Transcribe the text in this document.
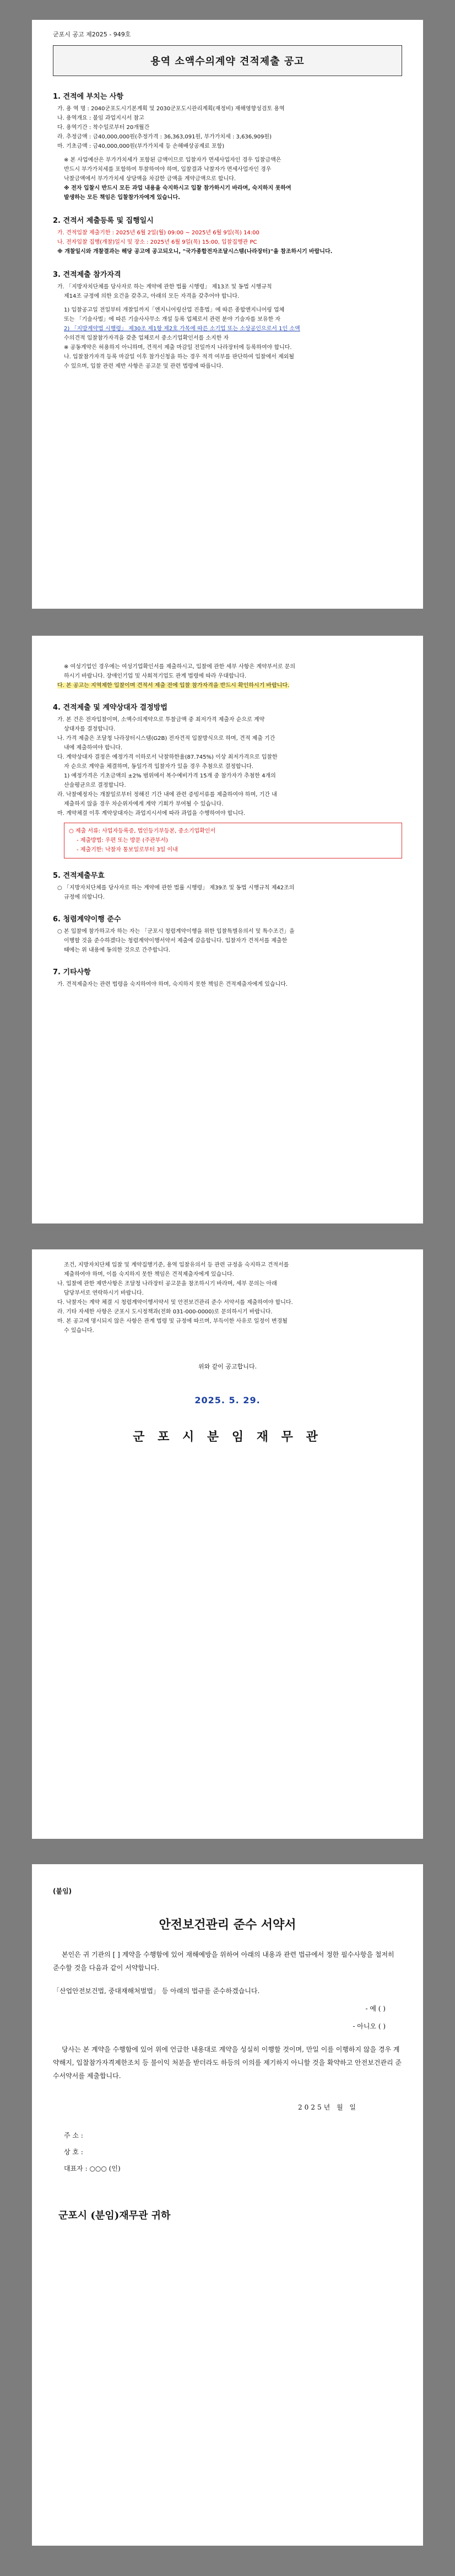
군포시 공고 제2025 - 949호
용역 소액수의계약 견적제출 공고
1. 견적에 부치는 사항
가. 용 역 명 : 2040군포도시기본계획 및 2030군포도시관리계획(재정비) 재해영향성검토 용역
나. 용역개요 : 불임 과업지시서 참고
다. 용역기간 : 착수일로부터 20개월간
라. 추정금액 : 금40,000,000원(추정가격 : 36,363,091원, 부가가치세 : 3,636,909원)
마. 기초금액 : 금40,000,000원(부가가치세 등 손해배상공제료 포함)
※ 본 사업예산은 부가가치세가 포함된 금액이므로 입찰자가 면세사업자인 경우 입찰금액은
반드시 부가가치세를 포함하여 투찰하여야 하며, 입찰결과 낙찰자가 면세사업자인 경우
낙찰금액에서 부가가치세 상당액을 차감한 금액을 계약금액으로 합니다.
※ 전자 입찰시 반드시 모든 과업 내용을 숙지하시고 입찰 참가하시기 바라며, 숙지하지 못하여
발생하는 모든 책임은 입찰참가자에게 있습니다.
2. 견적서 제출등록 및 집행일시
가. 견적입찰 제출기한 : 2025년 6월 2일(월) 09:00 ~ 2025년 6월 9일(목) 14:00
나. 전자입찰 집행(개찰)일시 및 장소 : 2025년 6월 9일(목) 15:00, 입찰집행관 PC
※ 개찰일시와 개찰결과는 해당 공고에 공고되오니, "국가종합전자조달시스템(나라장터)"을 참조하시기 바랍니다.
3. 견적제출 참가자격
가. 「지방자치단체를 당사자로 하는 계약에 관한 법률 시행령」 제13조 및 동법 시행규칙
제14조 규정에 의한 요건을 갖추고, 아래의 모든 자격을 갖추어야 합니다.
1) 입찰공고일 전일부터 개찰일까지「엔지니어링산업 진흥법」에 따른 종합엔지니어링 업체
또는 「기술사법」에 따른 기술사사무소 개설 등록 업체로서 관련 분야 기술자를 보유한 자
2) 「지방계약법 시행령」 제30조 제1항 제2호 가목에 따른 소기업 또는 소상공인으로서 1인 소액
수의견적 입찰참가자격을 갖춘 업체로서 중소기업확인서를 소지한 자
※ 공동계약은 허용하지 아니하며, 견적서 제출 마감일 전일까지 나라장터에 등록하여야 합니다.
나. 입찰참가자격 등록 마감일 이후 참가신청을 하는 경우 적격 여부를 판단하여 입찰에서 제외될
수 있으며, 입찰 관련 제반 사항은 공고문 및 관련 법령에 따릅니다.
※ 여성기업인 경우에는 여성기업확인서를 제출하시고, 입찰에 관한 세부 사항은 계약부서로 문의
하시기 바랍니다. 장애인기업 및 사회적기업도 관계 법령에 따라 우대합니다.
다. 본 공고는 지역제한 입찰이며 견적서 제출 전에 입찰 참가자격을 반드시 확인하시기 바랍니다.
4. 견적제출 및 계약상대자 결정방법
가. 본 건은 전자입찰이며, 소액수의계약으로 투찰금액 중 최저가격 제출자 순으로 계약
상대자를 결정합니다.
나. 가격 제출은 조달청 나라장터시스템(G2B) 전자견적 입찰방식으로 하며, 견적 제출 기간
내에 제출하여야 합니다.
다. 계약상대자 결정은 예정가격 이하로서 낙찰하한율(87.745%) 이상 최저가격으로 입찰한
자 순으로 계약을 체결하며, 동일가격 입찰자가 있을 경우 추첨으로 결정합니다.
1) 예정가격은 기초금액의 ±2% 범위에서 복수예비가격 15개 중 참가자가 추첨한 4개의
산술평균으로 결정합니다.
라. 낙찰예정자는 개찰일로부터 정해진 기간 내에 관련 증빙서류를 제출하여야 하며, 기간 내
제출하지 않을 경우 차순위자에게 계약 기회가 부여될 수 있습니다.
마. 계약체결 이후 계약상대자는 과업지시서에 따라 과업을 수행하여야 합니다.
○ 제출 서류: 사업자등록증, 법인등기부등본, 중소기업확인서
- 제출방법: 우편 또는 방문 (주관부서)
- 제출기한: 낙찰자 통보일로부터 3일 이내
5. 견적제출무효
○ 「지방자치단체를 당사자로 하는 계약에 관한 법률 시행령」 제39조 및 동법 시행규칙 제42조의
규정에 의합니다.
6. 청렴계약이행 준수
○ 본 입찰에 참가하고자 하는 자는 「군포시 청렴계약이행을 위한 입찰특별유의서 및 특수조건」을
이행할 것을 준수하겠다는 청렴계약이행서약서 제출에 갈음합니다. 입찰자가 견적서를 제출한
때에는 위 내용에 동의한 것으로 간주합니다.
7. 기타사항
가. 견적제출자는 관련 법령을 숙지하여야 하며, 숙지하지 못한 책임은 견적제출자에게 있습니다.
조건, 지방자치단체 입찰 및 계약집행기준, 용역 입찰유의서 등 관련 규정을 숙지하고 견적서를
제출하여야 하며, 이를 숙지하지 못한 책임은 견적제출자에게 있습니다.
나. 입찰에 관한 제반사항은 조달청 나라장터 공고문을 참조하시기 바라며, 세부 문의는 아래
담당부서로 연락하시기 바랍니다.
다. 낙찰자는 계약 체결 시 청렴계약이행서약서 및 안전보건관리 준수 서약서를 제출하여야 합니다.
라. 기타 자세한 사항은 군포시 도시정책과(전화 031-000-0000)로 문의하시기 바랍니다.
마. 본 공고에 명시되지 않은 사항은 관계 법령 및 규정에 따르며, 부득이한 사유로 일정이 변경될
수 있습니다.
위와 같이 공고합니다.
2025. 5. 29.
군 포 시 분 임 재 무 관
(붙임)
안전보건관리 준수 서약서
본인은 귀 기관의 [ ] 계약을 수행함에 있어 재해예방을 위하여 아래의 내용과 관련 법규에서 정한 필수사항을 철저히 준수할 것을 다음과 같이 서약합니다.
「산업안전보건법, 중대재해처벌법」 등 아래의 법규를 준수하겠습니다.
- 예 ( )
- 아니오 ( )
당사는 본 계약을 수행함에 있어 위에 언급한 내용대로 계약을 성실히 이행할 것이며, 만일 이를 이행하지 않을 경우 계약해지, 입찰참가자격제한조치 등 불이익 처분을 받더라도 하등의 이의를 제기하지 아니할 것을 확약하고 안전보건관리 준수서약서를 제출합니다.
2025년 월 일
주 소 :
상 호 :
대표자 : ○○○ (인)
군포시 (분임)재무관 귀하
